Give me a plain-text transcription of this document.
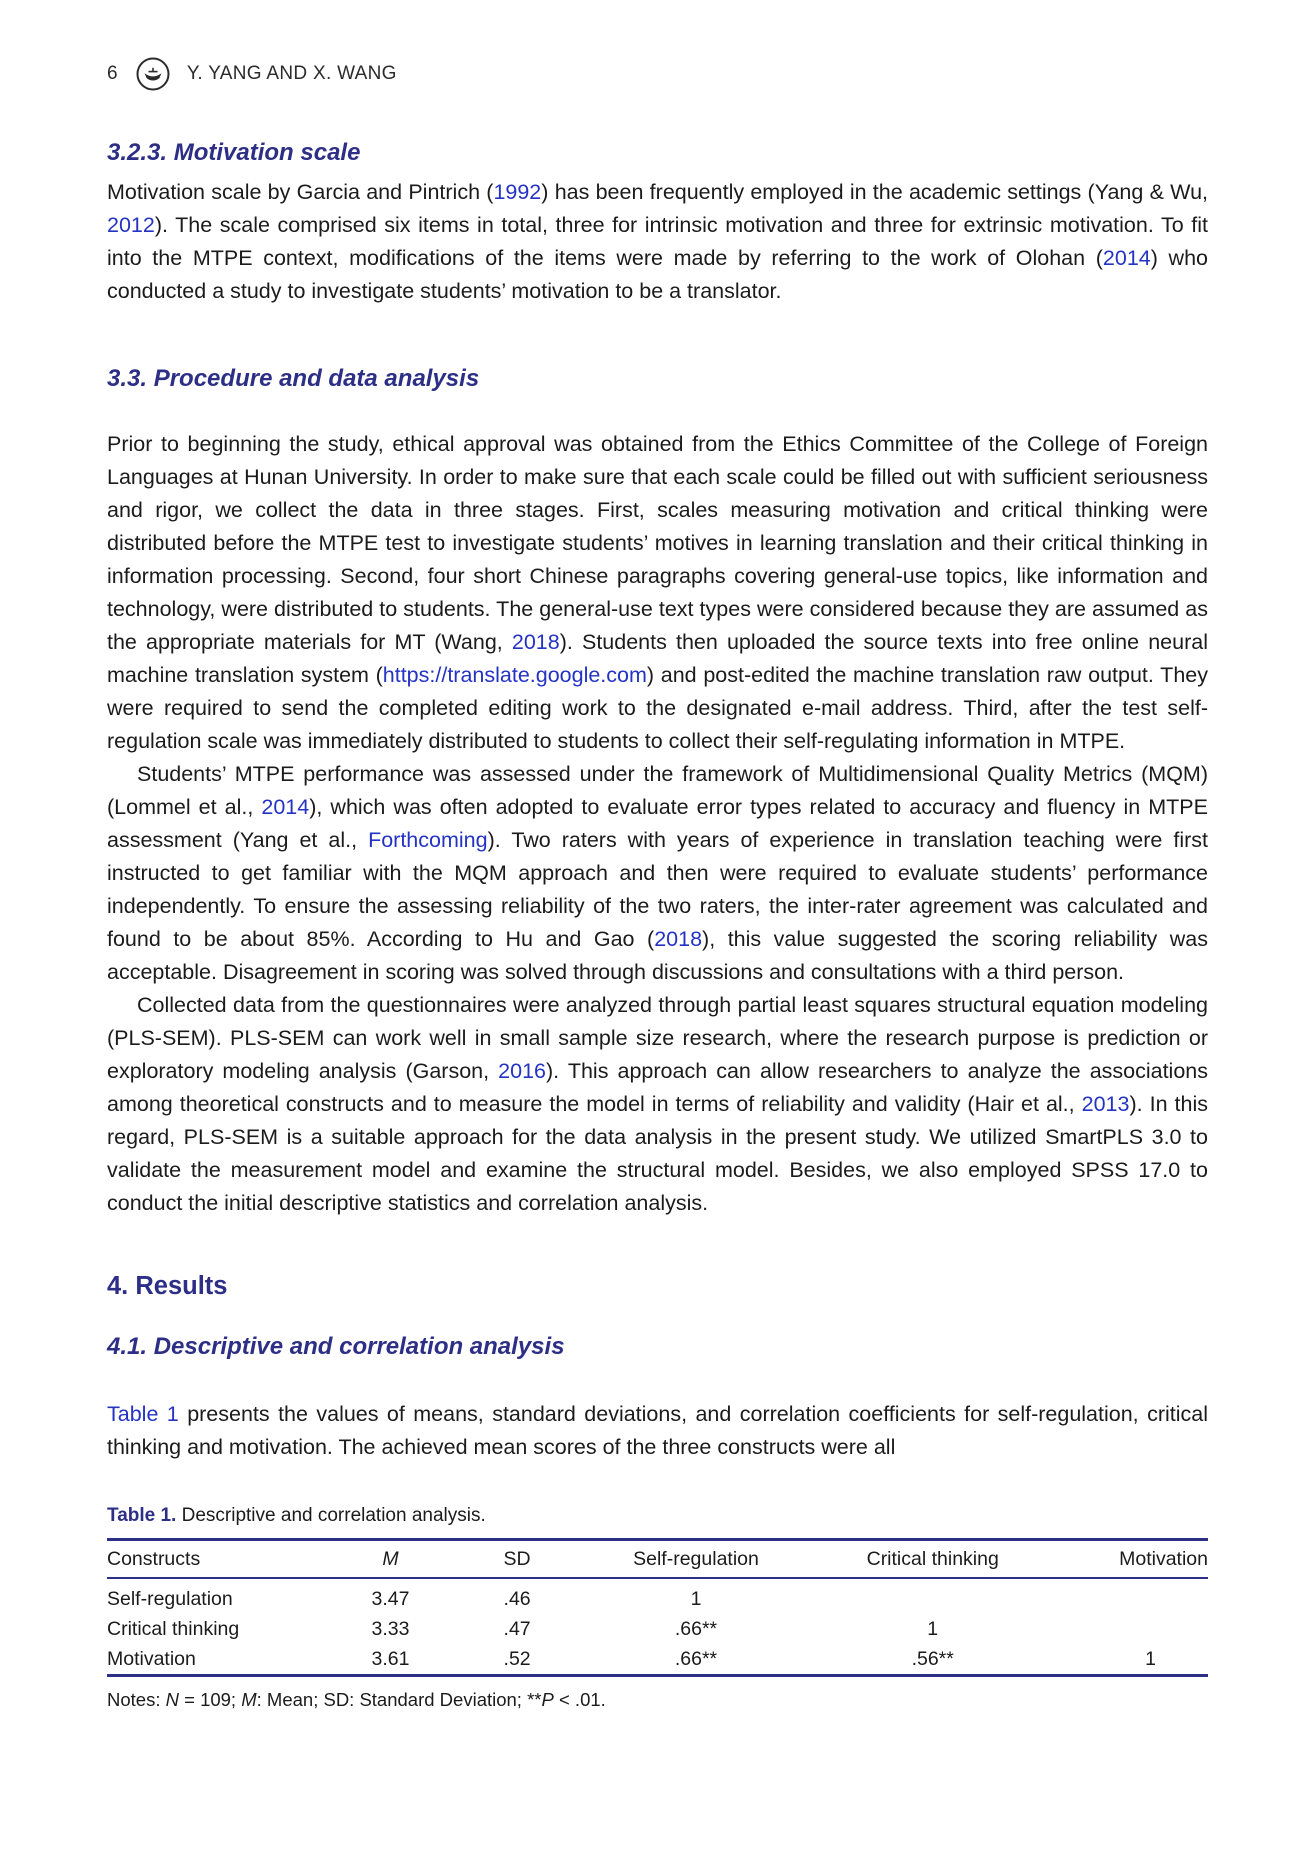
6	Y. YANG AND X. WANG
3.2.3. Motivation scale

Motivation scale by Garcia and Pintrich (1992) has been frequently employed in the academic settings (Yang & Wu, 2012). The scale comprised six items in total, three for intrinsic motivation and three for extrinsic motivation. To fit into the MTPE context, modifications of the items were made by referring to the work of Olohan (2014) who conducted a study to investigate students’ motivation to be a translator.

3.3. Procedure and data analysis

Prior to beginning the study, ethical approval was obtained from the Ethics Committee of the College of Foreign Languages at Hunan University. In order to make sure that each scale could be filled out with sufficient seriousness and rigor, we collect the data in three stages. First, scales measuring motivation and critical thinking were distributed before the MTPE test to investigate students’ motives in learning translation and their critical thinking in information processing. Second, four short Chinese paragraphs covering general-use topics, like information and technology, were distributed to students. The general-use text types were considered because they are assumed as the appropriate materials for MT (Wang, 2018). Students then uploaded the source texts into free online neural machine translation system (https://translate.google.com) and post-edited the machine translation raw output. They were required to send the completed editing work to the designated e-mail address. Third, after the test self-regulation scale was immediately distributed to students to collect their self-regulating information in MTPE.

Students’ MTPE performance was assessed under the framework of Multidimensional Quality Metrics (MQM) (Lommel et al., 2014), which was often adopted to evaluate error types related to accuracy and fluency in MTPE assessment (Yang et al., Forthcoming). Two raters with years of experience in translation teaching were first instructed to get familiar with the MQM approach and then were required to evaluate students’ performance independently. To ensure the assessing reliability of the two raters, the inter-rater agreement was calculated and found to be about 85%. According to Hu and Gao (2018), this value suggested the scoring reliability was acceptable. Disagreement in scoring was solved through discussions and consultations with a third person.

Collected data from the questionnaires were analyzed through partial least squares structural equation modeling (PLS-SEM). PLS-SEM can work well in small sample size research, where the research purpose is prediction or exploratory modeling analysis (Garson, 2016). This approach can allow researchers to analyze the associations among theoretical constructs and to measure the model in terms of reliability and validity (Hair et al., 2013). In this regard, PLS-SEM is a suitable approach for the data analysis in the present study. We utilized SmartPLS 3.0 to validate the measurement model and examine the structural model. Besides, we also employed SPSS 17.0 to conduct the initial descriptive statistics and correlation analysis.

4. Results
4.1. Descriptive and correlation analysis

Table 1 presents the values of means, standard deviations, and correlation coefficients for self-regulation, critical thinking and motivation. The achieved mean scores of the three constructs were all

Table 1. Descriptive and correlation analysis.

Constructs	M	SD	Self-regulation	Critical thinking	Motivation
Self-regulation	3.47	.46	1		
Critical thinking	3.33	.47	.66**	1	
Motivation	3.61	.52	.66**	.56**	1

Notes: N = 109; M: Mean; SD: Standard Deviation; **P < .01.
